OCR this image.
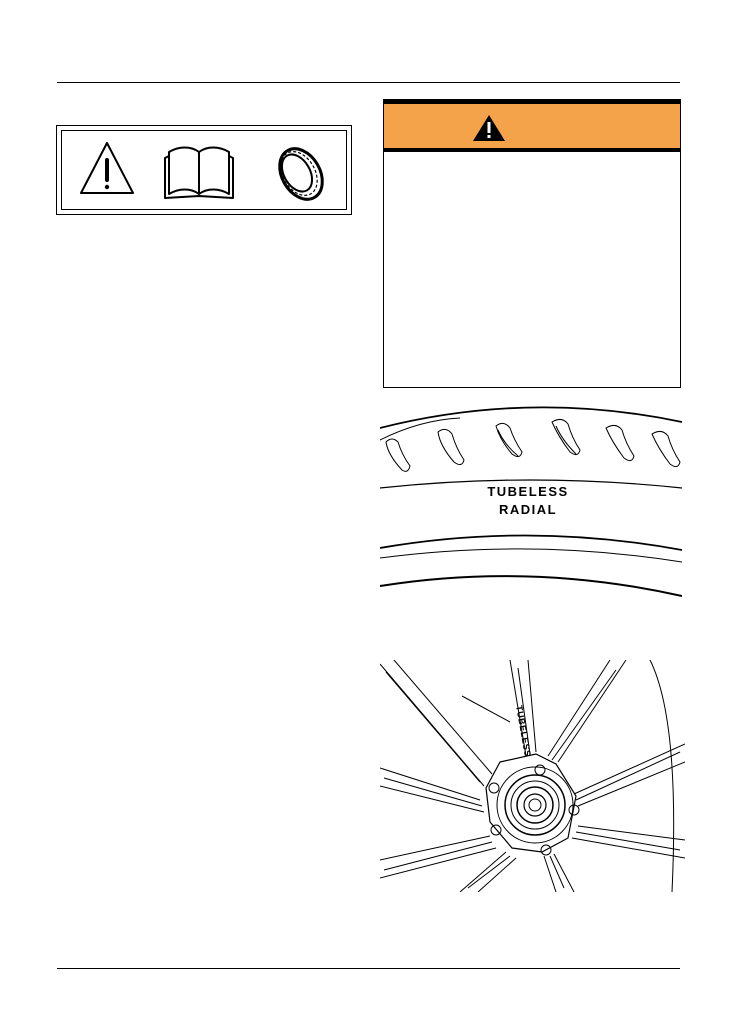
TUBELESS
RADIAL
TUBELESS
